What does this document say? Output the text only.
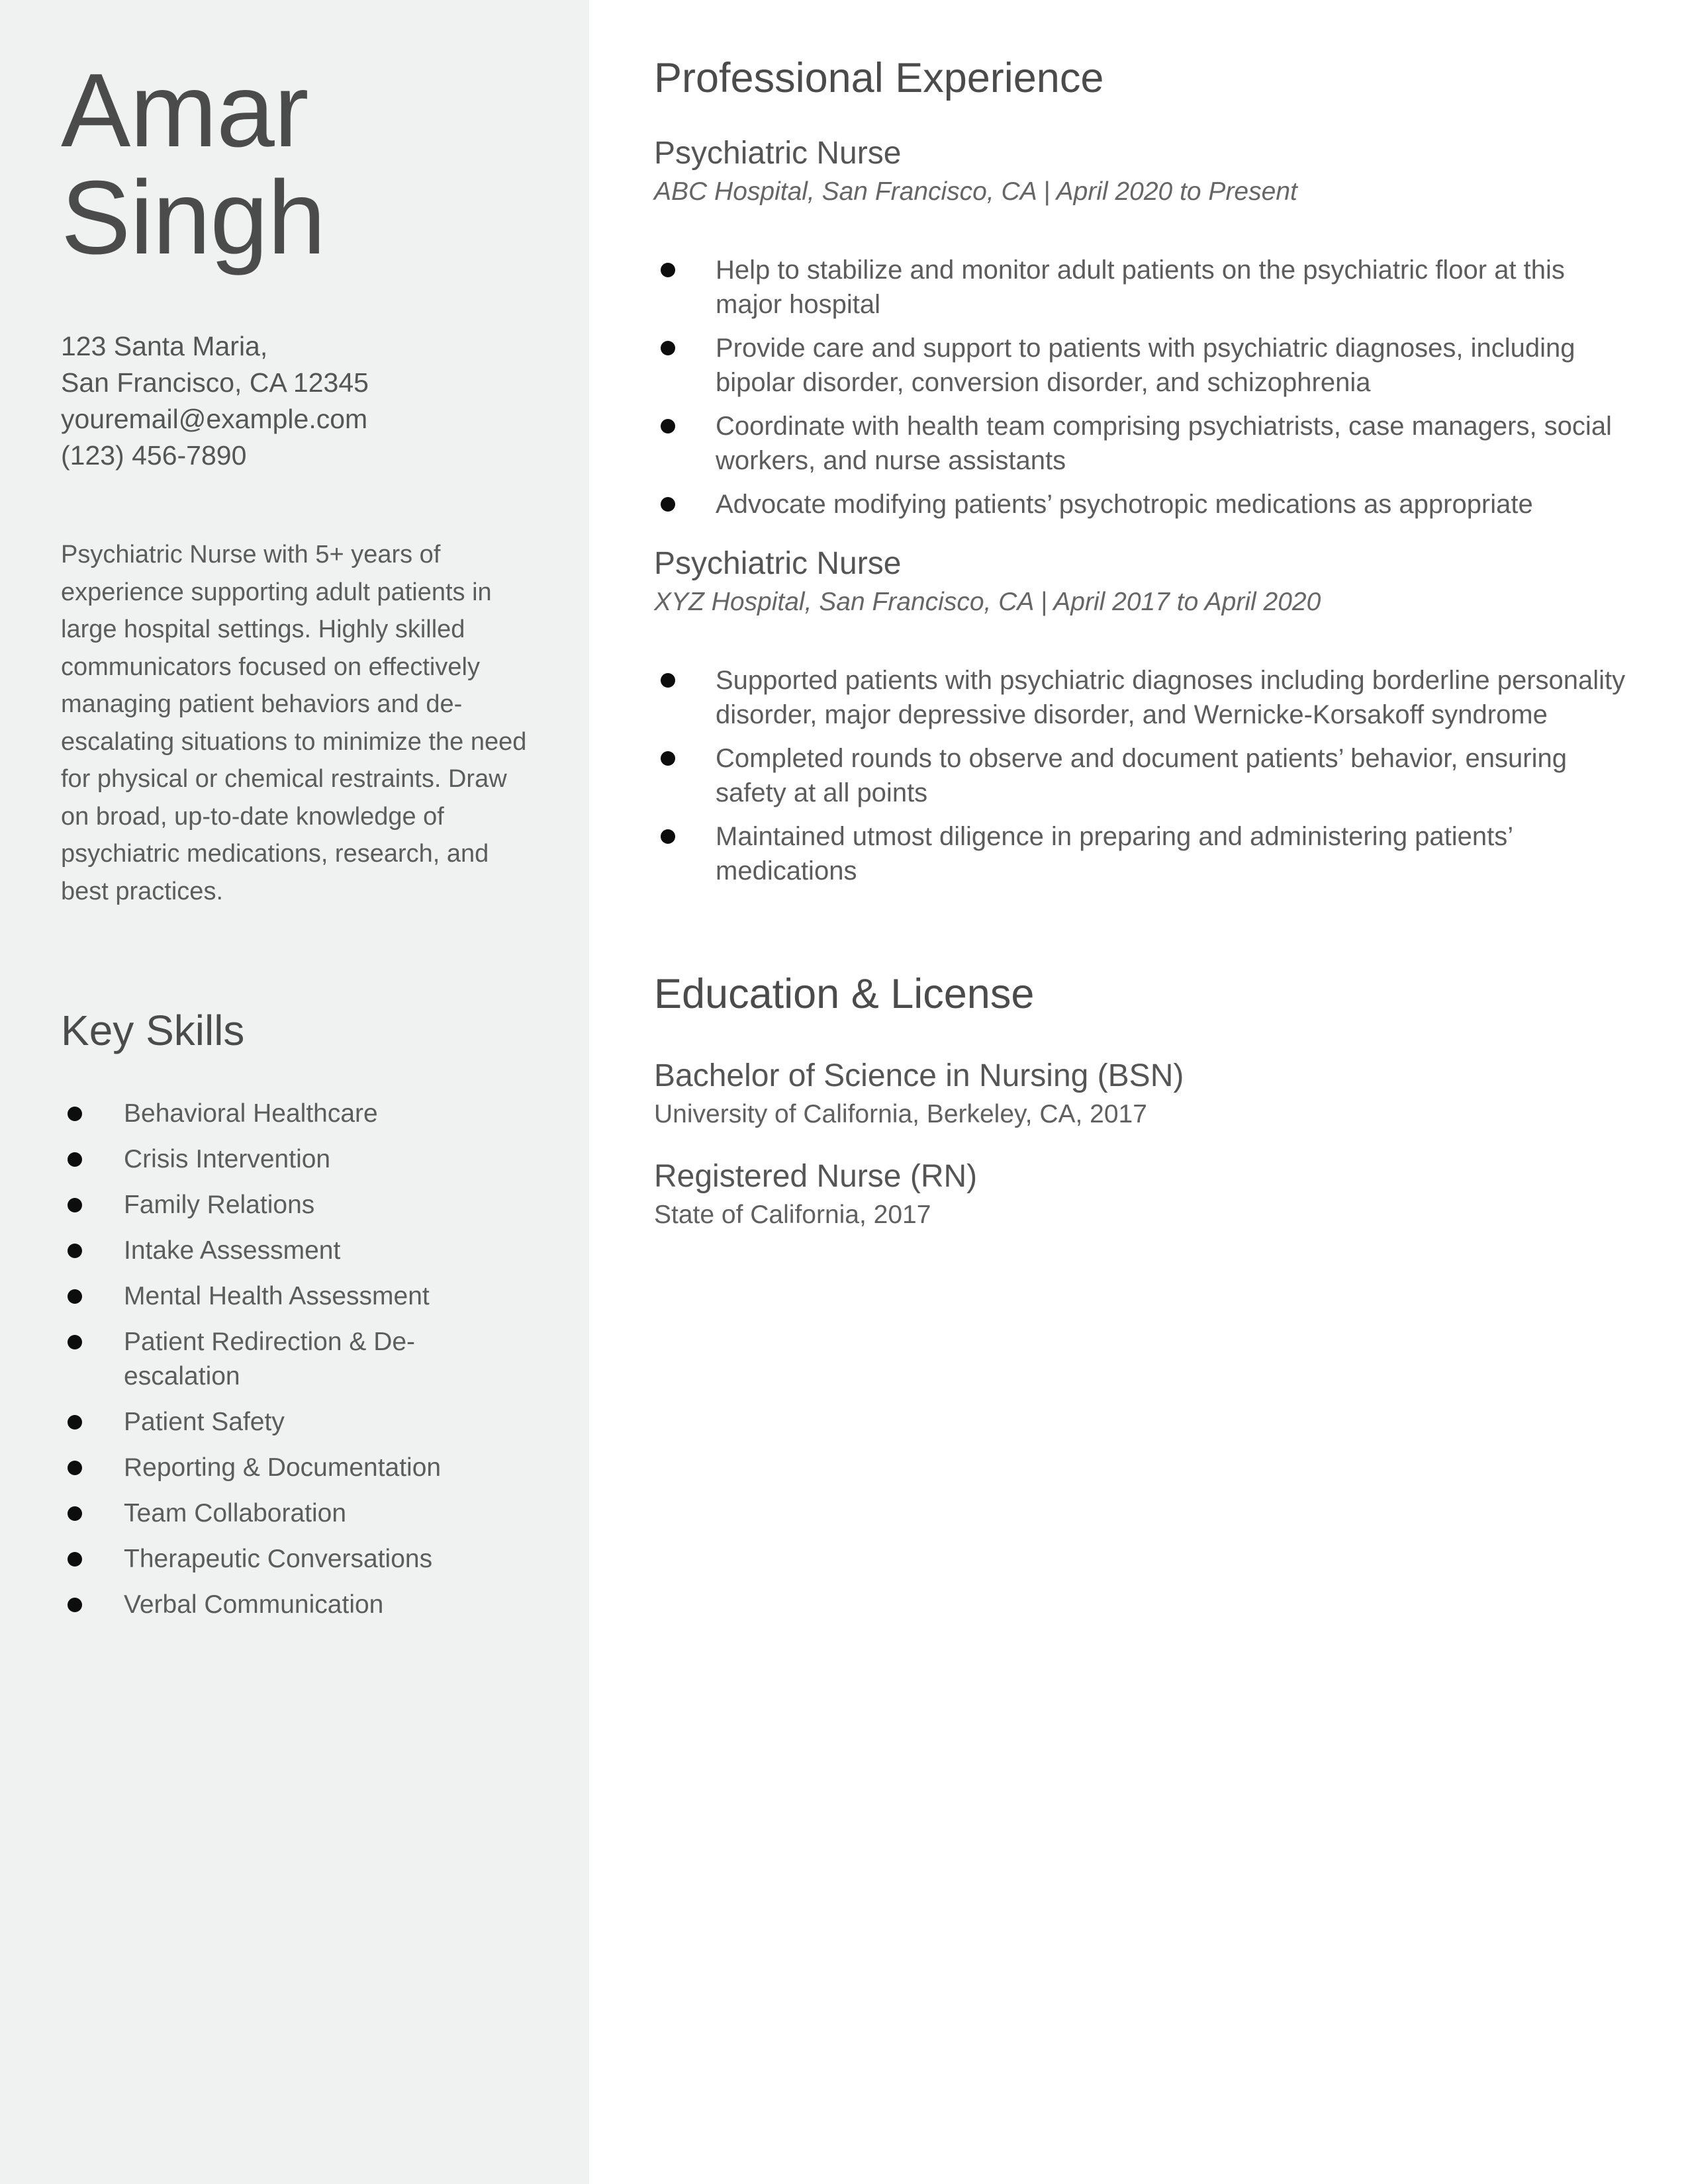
Amar
Singh
123 Santa Maria,
San Francisco, CA 12345
youremail@example.com
(123) 456-7890

Psychiatric Nurse with 5+ years of experience supporting adult patients in large hospital settings. Highly skilled communicators focused on effectively managing patient behaviors and de-escalating situations to minimize the need for physical or chemical restraints. Draw on broad, up-to-date knowledge of psychiatric medications, research, and best practices.

Key Skills
Behavioral Healthcare
Crisis Intervention
Family Relations
Intake Assessment
Mental Health Assessment
Patient Redirection & De-escalation
Patient Safety
Reporting & Documentation
Team Collaboration
Therapeutic Conversations
Verbal Communication
Professional Experience
Psychiatric Nurse
ABC Hospital, San Francisco, CA | April 2020 to Present
Help to stabilize and monitor adult patients on the psychiatric floor at this major hospital
Provide care and support to patients with psychiatric diagnoses, including bipolar disorder, conversion disorder, and schizophrenia
Coordinate with health team comprising psychiatrists, case managers, social workers, and nurse assistants
Advocate modifying patients’ psychotropic medications as appropriate
Psychiatric Nurse
XYZ Hospital, San Francisco, CA | April 2017 to April 2020
Supported patients with psychiatric diagnoses including borderline personality disorder, major depressive disorder, and Wernicke-Korsakoff syndrome
Completed rounds to observe and document patients’ behavior, ensuring safety at all points
Maintained utmost diligence in preparing and administering patients’ medications
Education & License
Bachelor of Science in Nursing (BSN)
University of California, Berkeley, CA, 2017
Registered Nurse (RN)
State of California, 2017
